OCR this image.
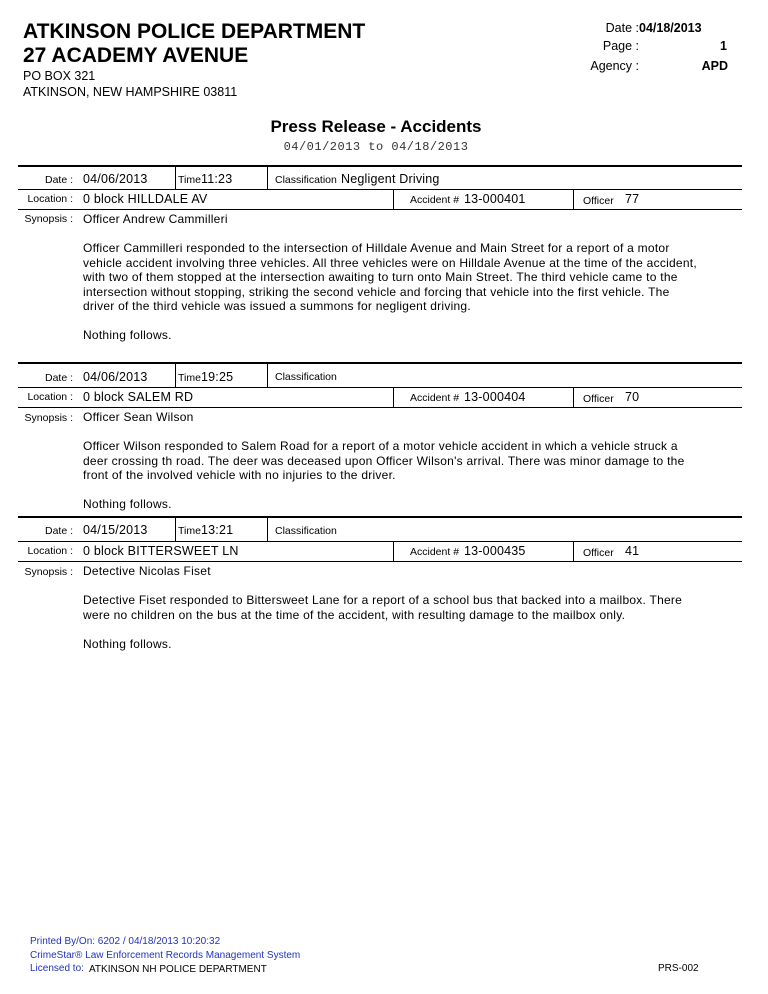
ATKINSON POLICE DEPARTMENT
27 ACADEMY AVENUE
PO BOX 321
ATKINSON, NEW HAMPSHIRE 03811
Date : 04/18/2013
Page :	1
Agency :	APD
Press Release - Accidents
04/01/2013 to 04/18/2013
Date : 04/06/2013	Time 11:23	Classification Negligent Driving
Location : 0 block HILLDALE AV	Accident # 13-000401	Officer 77
Synopsis : Officer Andrew Cammilleri

Officer Cammilleri responded to the intersection of Hilldale Avenue and Main Street for a report of a motor vehicle accident involving three vehicles. All three vehicles were on Hilldale Avenue at the time of the accident, with two of them stopped at the intersection awaiting to turn onto Main Street. The third vehicle came to the intersection without stopping, striking the second vehicle and forcing that vehicle into the first vehicle. The driver of the third vehicle was issued a summons for negligent driving.

Nothing follows.

Date : 04/06/2013	Time 19:25	Classification
Location : 0 block SALEM RD	Accident # 13-000404	Officer 70
Synopsis : Officer Sean Wilson

Officer Wilson responded to Salem Road for a report of a motor vehicle accident in which a vehicle struck a deer crossing th road. The deer was deceased upon Officer Wilson's arrival. There was minor damage to the front of the involved vehicle with no injuries to the driver.

Nothing follows.

Date : 04/15/2013	Time 13:21	Classification
Location : 0 block BITTERSWEET LN	Accident # 13-000435	Officer 41
Synopsis : Detective Nicolas Fiset

Detective Fiset responded to Bittersweet Lane for a report of a school bus that backed into a mailbox. There were no children on the bus at the time of the accident, with resulting damage to the mailbox only.

Nothing follows.

Printed By/On: 6202 / 04/18/2013 10:20:32
CrimeStar® Law Enforcement Records Management System
Licensed to: ATKINSON NH POLICE DEPARTMENT	PRS-002
